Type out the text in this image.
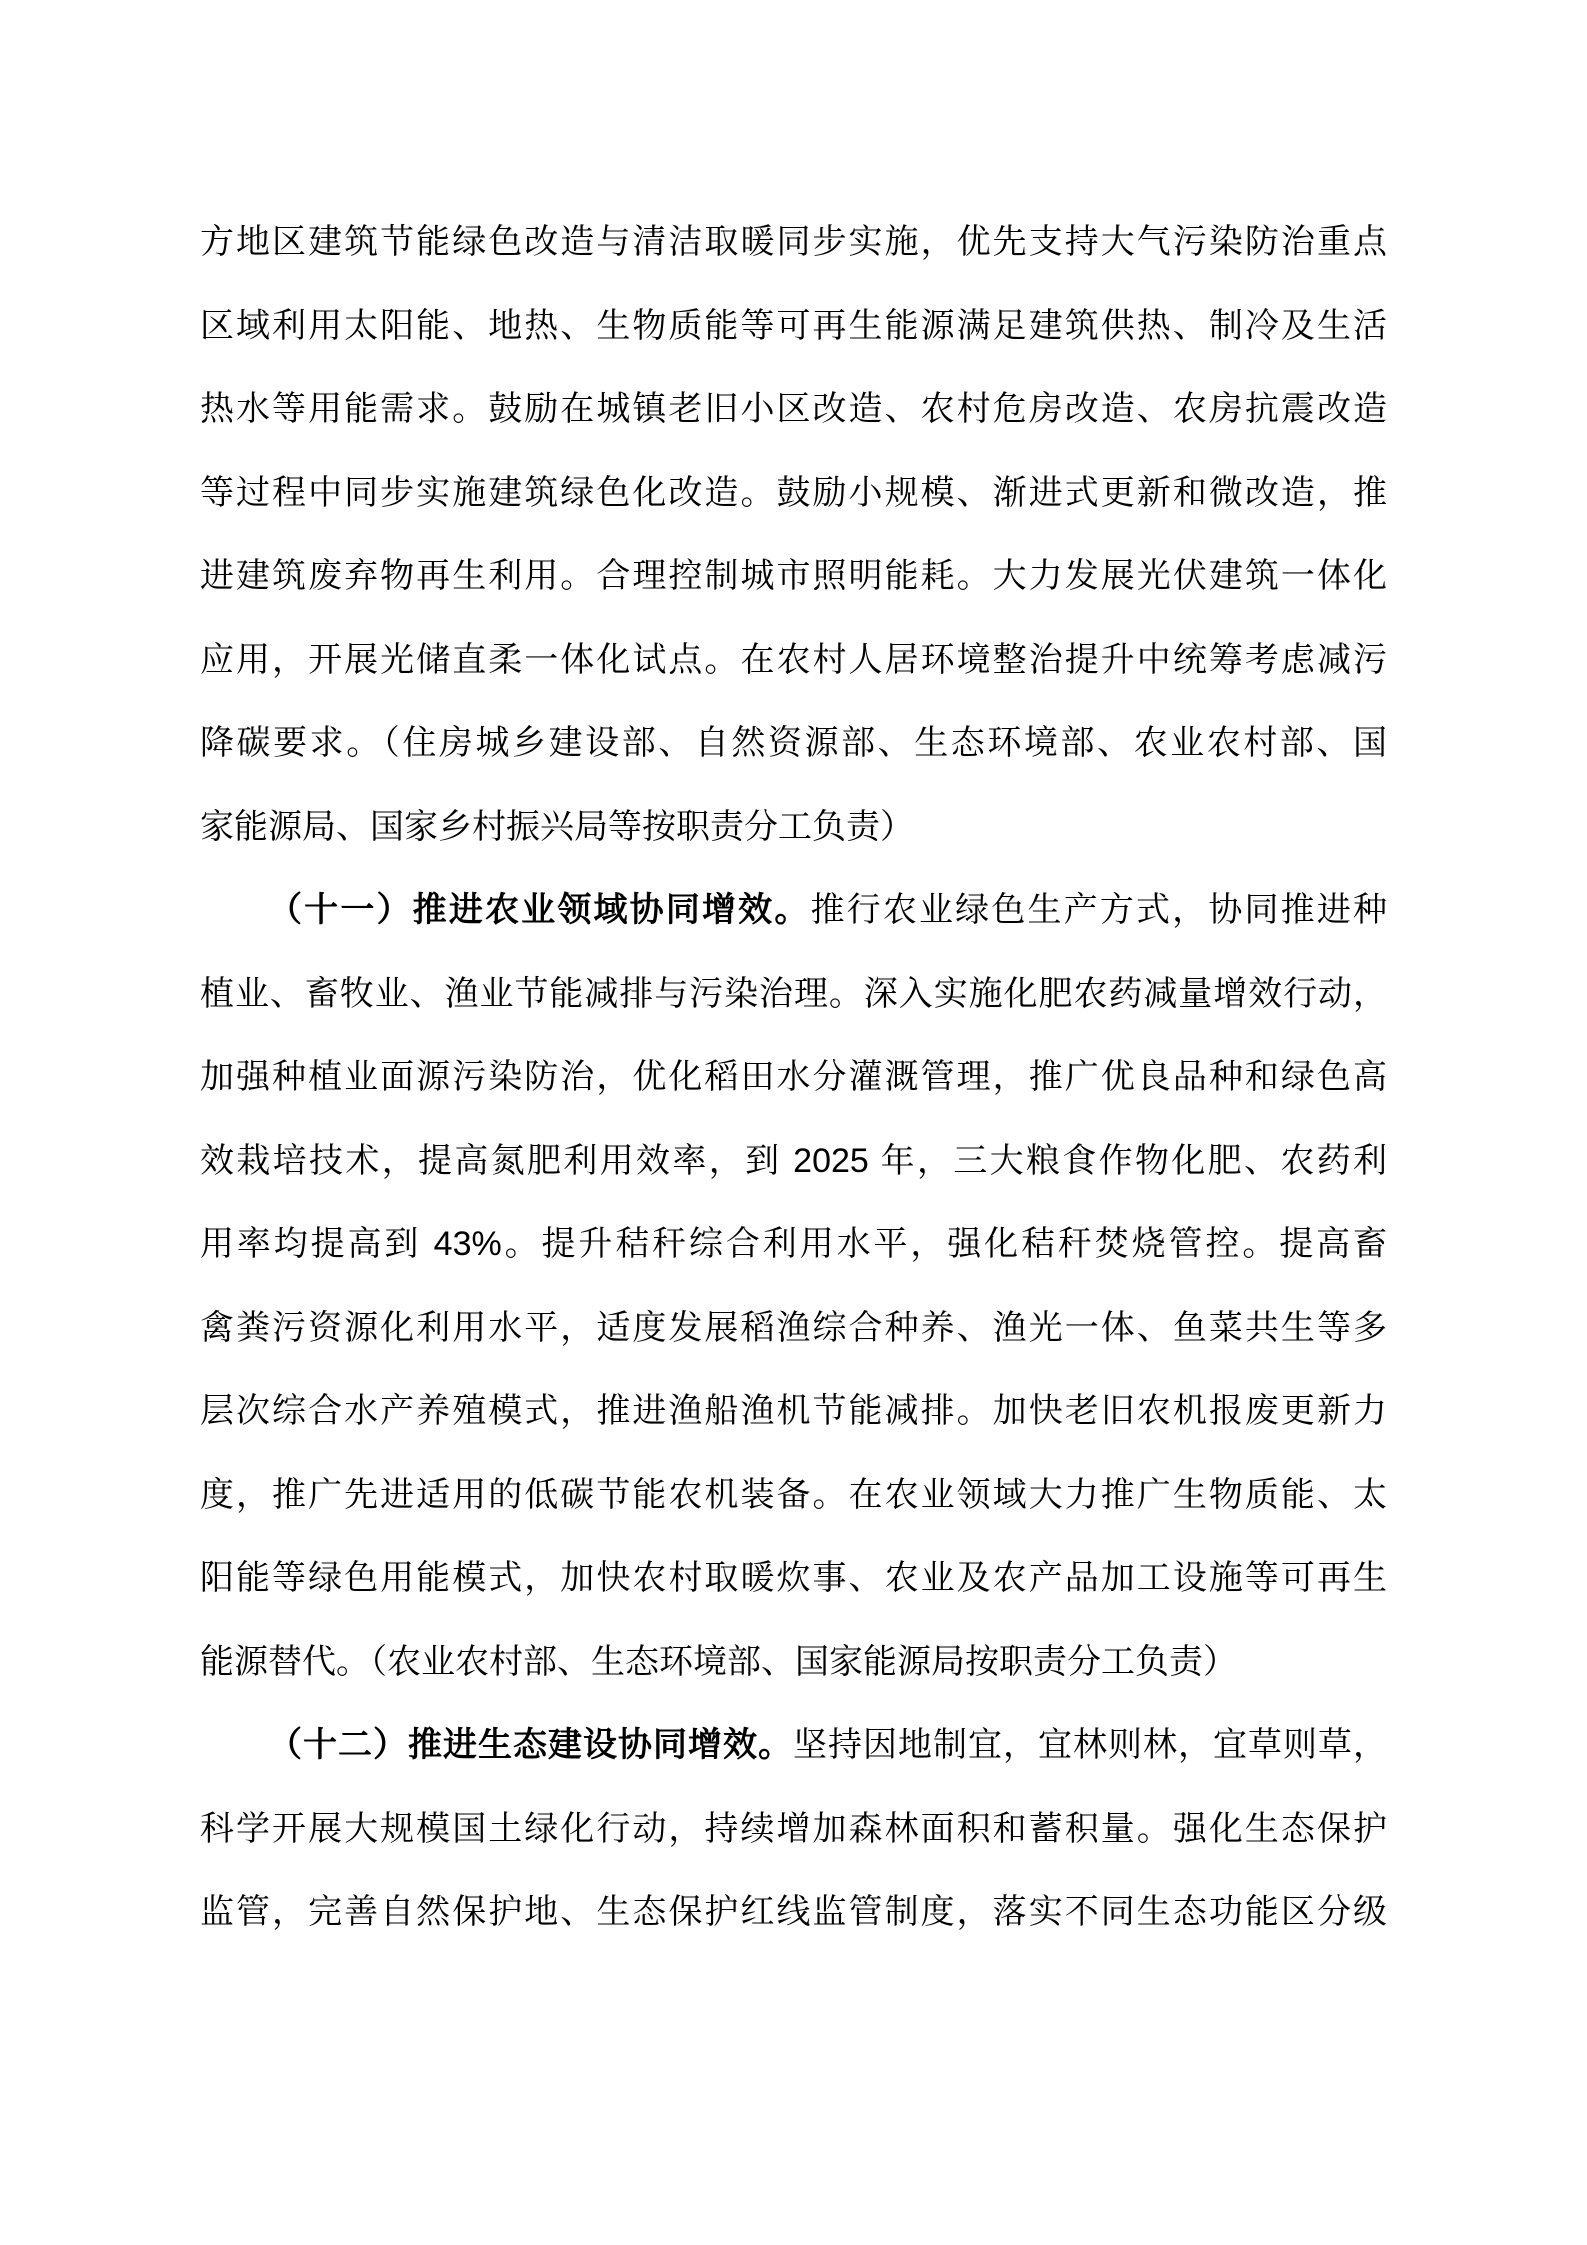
方地区建筑节能绿色改造与清洁取暖同步实施，优先支持大气污染防治重点
区域利用太阳能、地热、生物质能等可再生能源满足建筑供热、制冷及生活
热水等用能需求。鼓励在城镇老旧小区改造、农村危房改造、农房抗震改造
等过程中同步实施建筑绿色化改造。鼓励小规模、渐进式更新和微改造，推
进建筑废弃物再生利用。合理控制城市照明能耗。大力发展光伏建筑一体化
应用，开展光储直柔一体化试点。在农村人居环境整治提升中统筹考虑减污
降碳要求。（住房城乡建设部、自然资源部、生态环境部、农业农村部、国
家能源局、国家乡村振兴局等按职责分工负责）
（十一）推进农业领域协同增效。推行农业绿色生产方式，协同推进种
植业、畜牧业、渔业节能减排与污染治理。深入实施化肥农药减量增效行动，
加强种植业面源污染防治，优化稻田水分灌溉管理，推广优良品种和绿色高
效栽培技术，提高氮肥利用效率，到 2025 年，三大粮食作物化肥、农药利
用率均提高到 43%。提升秸秆综合利用水平，强化秸秆焚烧管控。提高畜
禽粪污资源化利用水平，适度发展稻渔综合种养、渔光一体、鱼菜共生等多
层次综合水产养殖模式，推进渔船渔机节能减排。加快老旧农机报废更新力
度，推广先进适用的低碳节能农机装备。在农业领域大力推广生物质能、太
阳能等绿色用能模式，加快农村取暖炊事、农业及农产品加工设施等可再生
能源替代。（农业农村部、生态环境部、国家能源局按职责分工负责）
（十二）推进生态建设协同增效。坚持因地制宜，宜林则林，宜草则草，
科学开展大规模国土绿化行动，持续增加森林面积和蓄积量。强化生态保护
监管，完善自然保护地、生态保护红线监管制度，落实不同生态功能区分级
